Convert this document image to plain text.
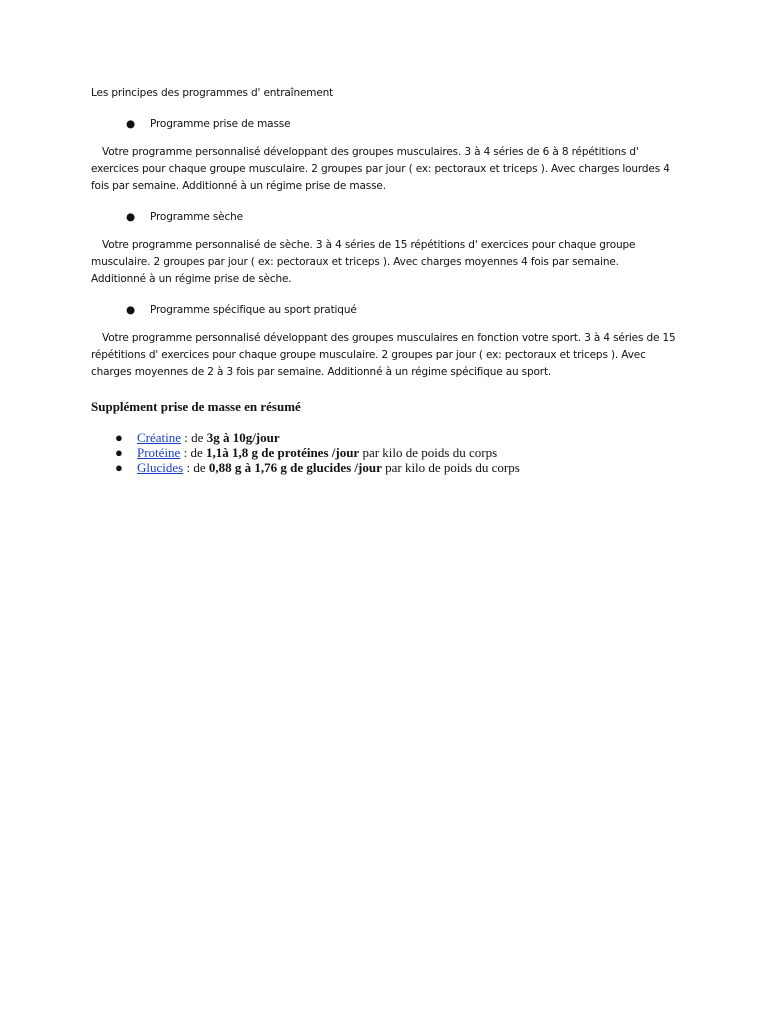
Les principes des programmes d' entraînement
● Programme prise de masse
Votre programme personnalisé développant des groupes musculaires. 3 à 4 séries de 6 à 8 répétitions d' exercices pour chaque groupe musculaire. 2 groupes par jour ( ex: pectoraux et triceps ). Avec charges lourdes 4 fois par semaine. Additionné à un régime prise de masse.
● Programme sèche
Votre programme personnalisé de sèche. 3 à 4 séries de 15 répétitions d' exercices pour chaque groupe musculaire. 2 groupes par jour ( ex: pectoraux et triceps ). Avec charges moyennes 4 fois par semaine. Additionné à un régime prise de sèche.
● Programme spécifique au sport pratiqué
Votre programme personnalisé développant des groupes musculaires en fonction votre sport. 3 à 4 séries de 15 répétitions d' exercices pour chaque groupe musculaire. 2 groupes par jour ( ex: pectoraux et triceps ). Avec charges moyennes de 2 à 3 fois par semaine. Additionné à un régime spécifique au sport.
Supplément prise de masse en résumé
● Créatine : de 3g à 10g/jour
● Protéine : de 1,1à 1,8 g de protéines /jour par kilo de poids du corps
● Glucides : de 0,88 g à 1,76 g de glucides /jour par kilo de poids du corps
